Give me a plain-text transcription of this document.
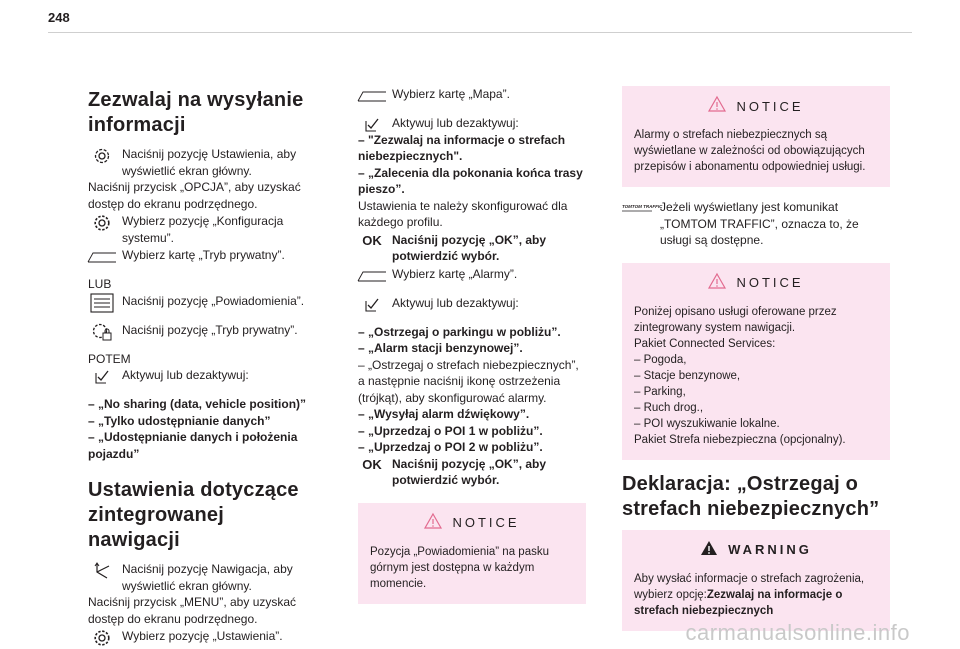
248
Zezwalaj na wysyłanie
informacji
Naciśnij pozycję Ustawienia, aby wyświetlić ekran główny.
Naciśnij przycisk „OPCJA”, aby uzyskać dostęp do ekranu podrzędnego.
Wybierz pozycję „Konfiguracja systemu”.
Wybierz kartę „Tryb prywatny”.

LUB

Naciśnij pozycję „Powiadomienia”.
Naciśnij pozycję „Tryb prywatny”.

POTEM

Aktywuj lub dezaktywuj:

– „No sharing (data, vehicle position)”

– „Tylko udostępnianie danych”

– „Udostępnianie danych i położenia pojazdu”

Ustawienia dotyczące
zintegrowanej nawigacji
Naciśnij pozycję Nawigacja, aby wyświetlić ekran główny.
Naciśnij przycisk „MENU”, aby uzyskać dostęp do ekranu podrzędnego.
Wybierz pozycję „Ustawienia”.
Wybierz kartę „Mapa”.
Aktywuj lub dezaktywuj:
– "Zezwalaj na informacje o strefach niebezpiecznych".
– „Zalecenia dla pokonania końca trasy pieszo”.
Ustawienia te należy skonfigurować dla każdego profilu.
OK Naciśnij pozycję „OK”, aby potwierdzić wybór.
Wybierz kartę „Alarmy”.
Aktywuj lub dezaktywuj:

– „Ostrzegaj o parkingu w pobliżu”.

– „Alarm stacji benzynowej”.

– „Ostrzegaj o strefach niebezpiecznych”, a następnie naciśnij ikonę ostrzeżenia (trójkąt), aby skonfigurować alarmy.

– „Wysyłaj alarm dźwiękowy”.

– „Uprzedzaj o POI 1 w pobliżu”.

– „Uprzedzaj o POI 2 w pobliżu”.

OK Naciśnij pozycję „OK”, aby potwierdzić wybór.
NOTICE

Pozycja „Powiadomienia” na pasku górnym jest dostępna w każdym momencie.

NOTICE

Alarmy o strefach niebezpiecznych są wyświetlane w zależności od obowiązujących przepisów i abonamentu odpowiedniej usługi.

TOMTOM TRAFFIC
Jeżeli wyświetlany jest komunikat „TOMTOM TRAFFIC”, oznacza to, że usługi są dostępne.
NOTICE

Poniżej opisano usługi oferowane przez zintegrowany system nawigacji.

Pakiet Connected Services:

– Pogoda,

– Stacje benzynowe,

– Parking,

– Ruch drog.,

– POI wyszukiwanie lokalne.

Pakiet Strefa niebezpieczna (opcjonalny).

Deklaracja: „Ostrzegaj o
strefach niebezpiecznych”
WARNING

Aby wysłać informacje o strefach zagrożenia, wybierz opcję:Zezwalaj na informacje o strefach niebezpiecznych

carmanualsonline.info
